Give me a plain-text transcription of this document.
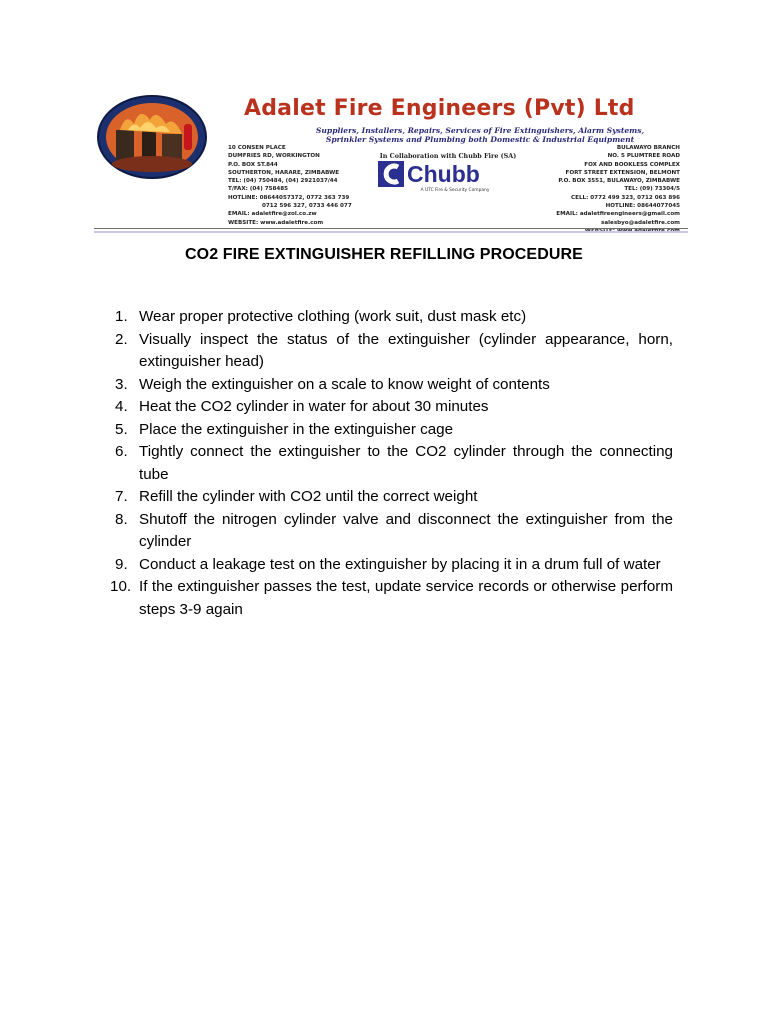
Adalet Fire Engineers (Pvt) Ltd
Suppliers, Installers, Repairs, Services of Fire Extinguishers, Alarm Systems,
Sprinkler Systems and Plumbing both Domestic & Industrial Equipment
10 CONSEN PLACE
DUMFRIES RD, WORKINGTON
P.O. BOX ST.844
SOUTHERTON, HARARE, ZIMBABWE
TEL: (04) 750484, (04) 2921037/44
T/FAX: (04) 758485
HOTLINE: 08644057372, 0772 363 739
0712 596 327, 0733 446 077
EMAIL: adaletfire@zol.co.zw
WEBSITE: www.adaletfire.com
In Collaboration with Chubb Fire (SA)
Chubb
A UTC Fire & Security Company
BULAWAYO BRANCH
NO. 5 PLUMTREE ROAD
FOX AND BOOKLESS COMPLEX
FORT STREET EXTENSION, BELMONT
P.O. BOX 3551, BULAWAYO, ZIMBABWE
TEL: (09) 73304/5
CELL: 0772 499 323, 0712 063 896
HOTLINE: 08644077045
EMAIL: adaletfireengineers@gmail.com
salesbyo@adaletfire.com
WEBSITE: www.adaletfire.com
CO2 FIRE EXTINGUISHER REFILLING PROCEDURE
1. Wear proper protective clothing (work suit, dust mask etc)
2. Visually inspect the status of the extinguisher (cylinder appearance, horn, extinguisher head)
3. Weigh the extinguisher on a scale to know weight of contents
4. Heat the CO2 cylinder in water for about 30 minutes
5. Place the extinguisher in the extinguisher cage
6. Tightly connect the extinguisher to the CO2 cylinder through the connecting tube
7. Refill the cylinder with CO2 until the correct weight
8. Shutoff the nitrogen cylinder valve and disconnect the extinguisher from the cylinder
9. Conduct a leakage test on the extinguisher by placing it in a drum full of water
10. If the extinguisher passes the test, update service records or otherwise perform steps 3-9 again
